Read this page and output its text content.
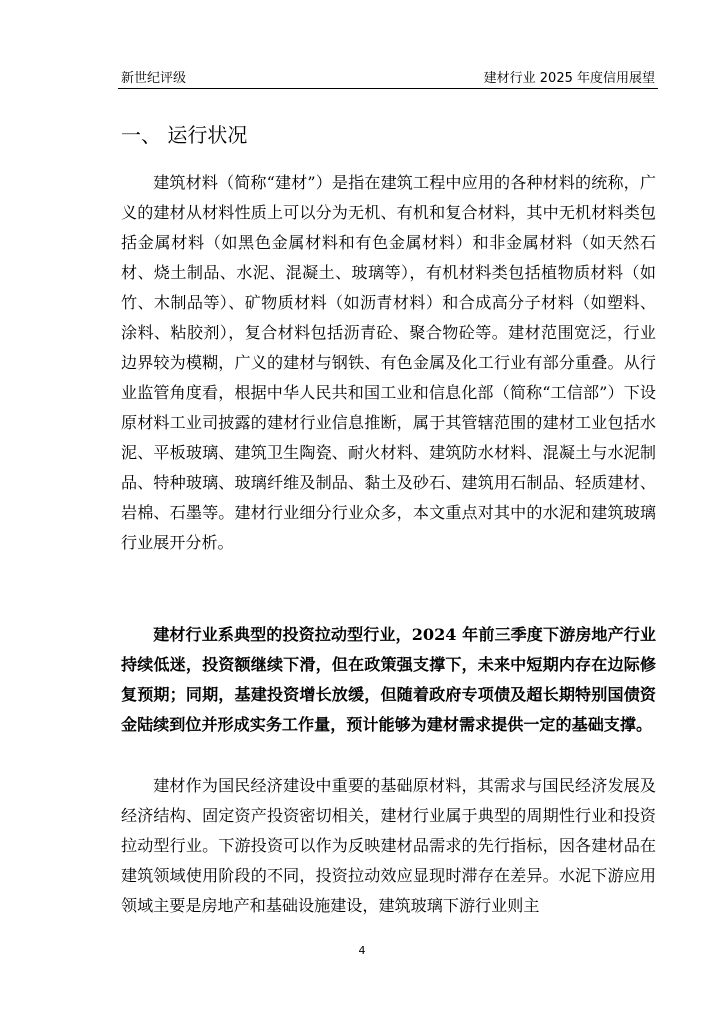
新世纪评级	建材行业 2025 年度信用展望
一、 运行状况

建筑材料（简称“建材”）是指在建筑工程中应用的各种材料的统称，广义的建材从材料性质上可以分为无机、有机和复合材料，其中无机材料类包括金属材料（如黑色金属材料和有色金属材料）和非金属材料（如天然石材、烧土制品、水泥、混凝土、玻璃等），有机材料类包括植物质材料（如竹、木制品等）、矿物质材料（如沥青材料）和合成高分子材料（如塑料、涂料、粘胶剂），复合材料包括沥青砼、聚合物砼等。建材范围宽泛，行业边界较为模糊，广义的建材与钢铁、有色金属及化工行业有部分重叠。从行业监管角度看，根据中华人民共和国工业和信息化部（简称“工信部”）下设原材料工业司披露的建材行业信息推断，属于其管辖范围的建材工业包括水泥、平板玻璃、建筑卫生陶瓷、耐火材料、建筑防水材料、混凝土与水泥制品、特种玻璃、玻璃纤维及制品、黏土及砂石、建筑用石制品、轻质建材、岩棉、石墨等。建材行业细分行业众多，本文重点对其中的水泥和建筑玻璃行业展开分析。

建材行业系典型的投资拉动型行业，2024 年前三季度下游房地产行业持续低迷，投资额继续下滑，但在政策强支撑下，未来中短期内存在边际修复预期；同期，基建投资增长放缓，但随着政府专项债及超长期特别国债资金陆续到位并形成实务工作量，预计能够为建材需求提供一定的基础支撑。

建材作为国民经济建设中重要的基础原材料，其需求与国民经济发展及经济结构、固定资产投资密切相关，建材行业属于典型的周期性行业和投资拉动型行业。下游投资可以作为反映建材品需求的先行指标，因各建材品在建筑领域使用阶段的不同，投资拉动效应显现时滞存在差异。水泥下游应用领域主要是房地产和基础设施建设，建筑玻璃下游行业则主

4
